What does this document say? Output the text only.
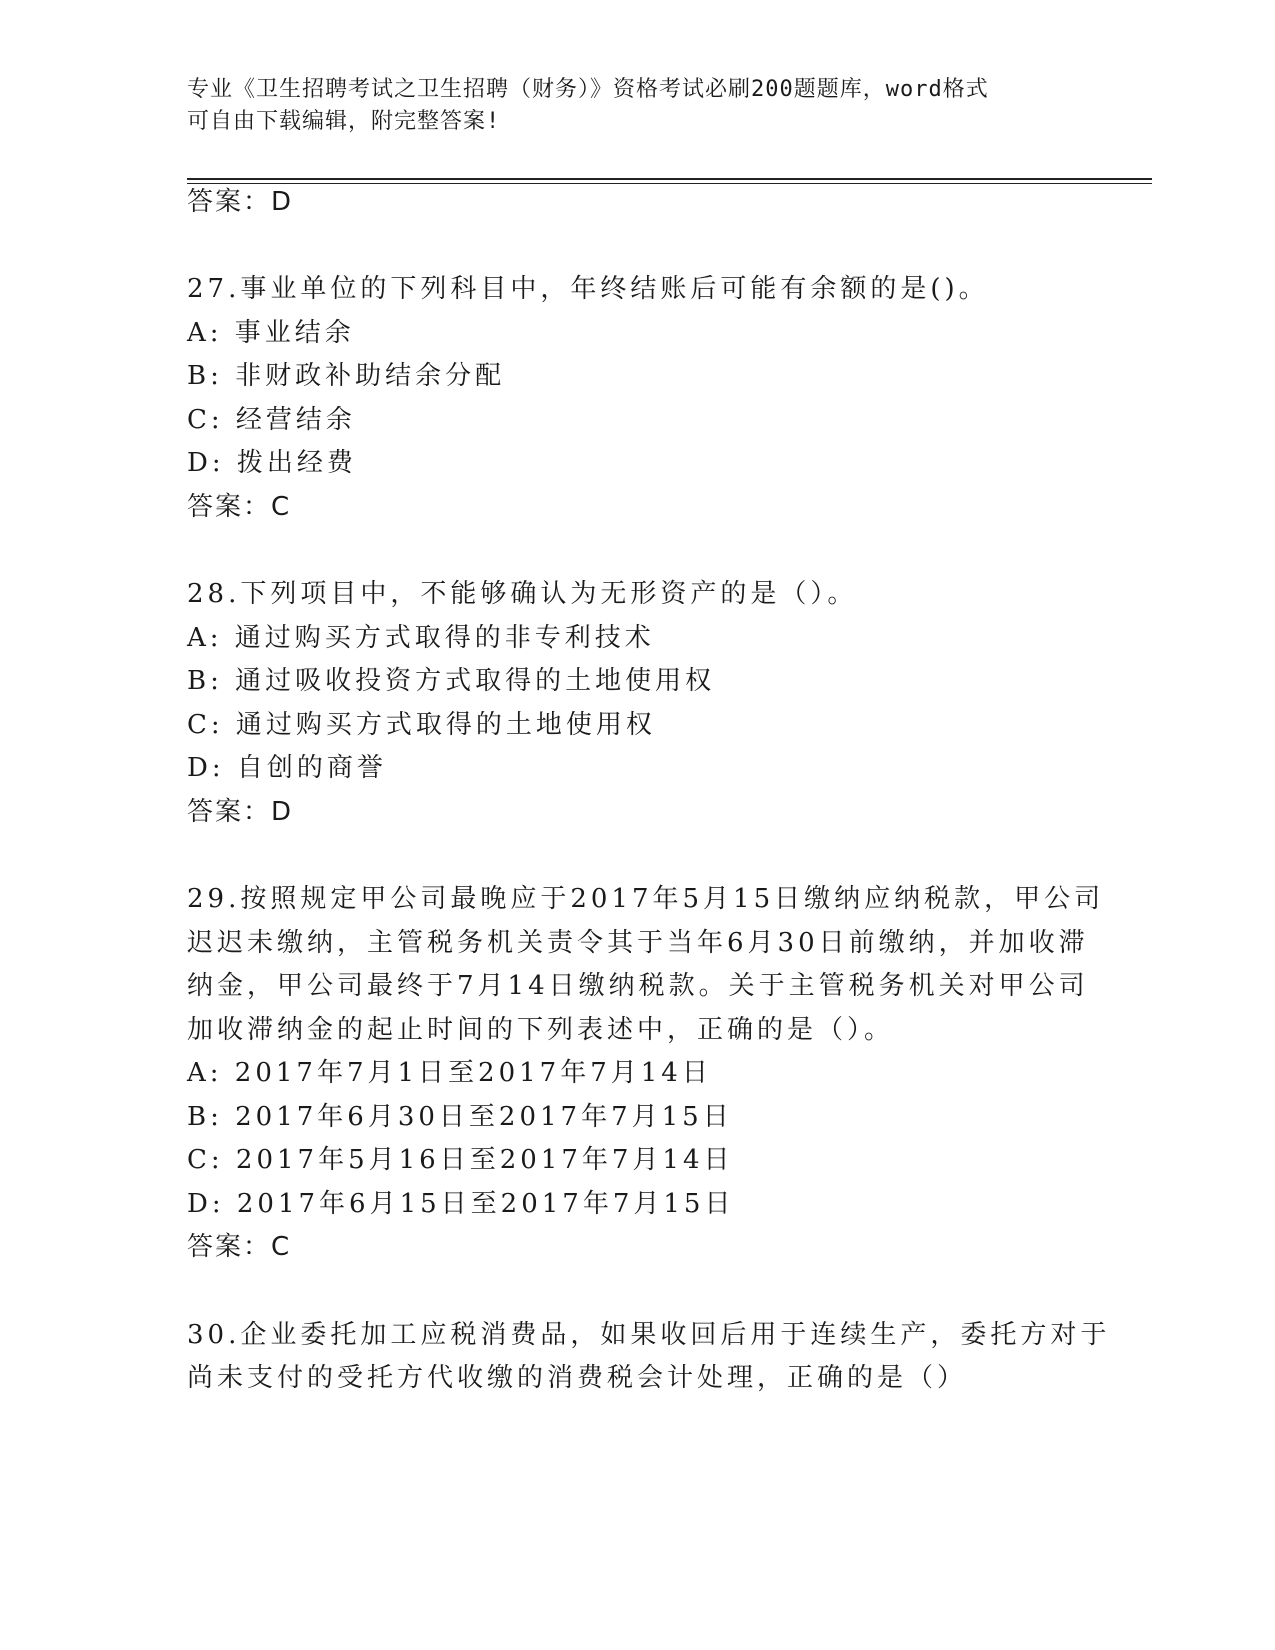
专业《卫生招聘考试之卫生招聘（财务）》资格考试必刷200题题库，word格式
可自由下载编辑，附完整答案!
答案：D
27.事业单位的下列科目中，年终结账后可能有余额的是()。
A: 事业结余
B: 非财政补助结余分配
C: 经营结余
D: 拨出经费
答案：C
28.下列项目中，不能够确认为无形资产的是（）。
A: 通过购买方式取得的非专利技术
B: 通过吸收投资方式取得的土地使用权
C: 通过购买方式取得的土地使用权
D: 自创的商誉
答案：D
29.按照规定甲公司最晚应于2017年5月15日缴纳应纳税款，甲公司
迟迟未缴纳，主管税务机关责令其于当年6月30日前缴纳，并加收滞
纳金，甲公司最终于7月14日缴纳税款。关于主管税务机关对甲公司
加收滞纳金的起止时间的下列表述中，正确的是（）。
A: 2017年7月1日至2017年7月14日
B: 2017年6月30日至2017年7月15日
C: 2017年5月16日至2017年7月14日
D: 2017年6月15日至2017年7月15日
答案：C
30.企业委托加工应税消费品，如果收回后用于连续生产，委托方对于
尚未支付的受托方代收缴的消费税会计处理，正确的是（）
